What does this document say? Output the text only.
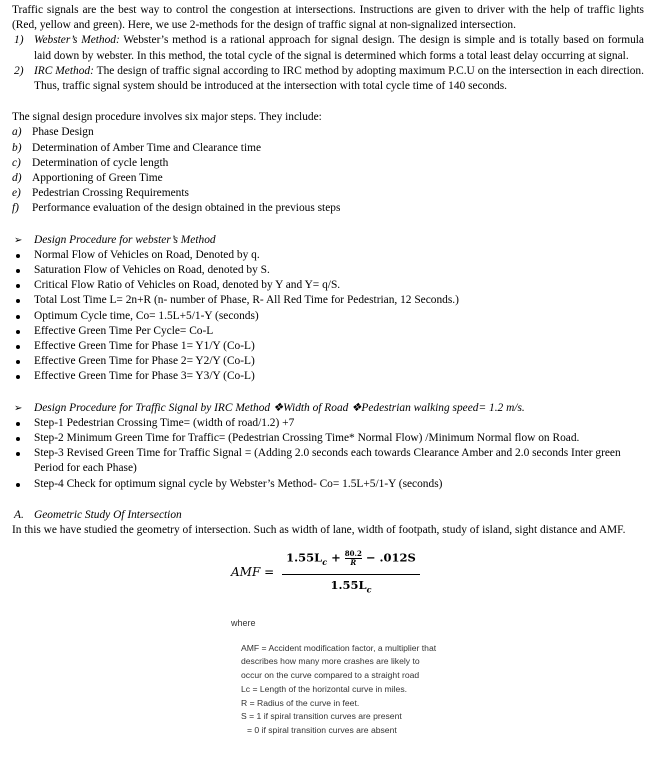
Traffic signals are the best way to control the congestion at intersections. Instructions are given to driver with the help of traffic lights (Red, yellow and green). Here, we use 2-methods for the design of traffic signal at non-signalized intersection.

1) Webster’s Method: Webster’s method is a rational approach for signal design. The design is simple and is totally based on formula laid down by webster. In this method, the total cycle of the signal is determined which forms a total least delay occurring at signal.
2) IRC Method: The design of traffic signal according to IRC method by adopting maximum P.C.U on the intersection in each direction. Thus, traffic signal system should be introduced at the intersection with total cycle time of 140 seconds.

The signal design procedure involves six major steps. They include:

a) Phase Design
b) Determination of Amber Time and Clearance time
c) Determination of cycle length
d) Apportioning of Green Time
e) Pedestrian Crossing Requirements
f) Performance evaluation of the design obtained in the previous steps
➢ Design Procedure for webster’s Method
Normal Flow of Vehicles on Road, Denoted by q.
Saturation Flow of Vehicles on Road, denoted by S.
Critical Flow Ratio of Vehicles on Road, denoted by Y and Y= q/S.
Total Lost Time L= 2n+R (n- number of Phase, R- All Red Time for Pedestrian, 12 Seconds.)
Optimum Cycle time, Co= 1.5L+5/1-Y (seconds)
Effective Green Time Per Cycle= Co-L
Effective Green Time for Phase 1= Y1/Y (Co-L)
Effective Green Time for Phase 2= Y2/Y (Co-L)
Effective Green Time for Phase 3= Y3/Y (Co-L)
➢ Design Procedure for Traffic Signal by IRC Method ❖Width of Road ❖Pedestrian walking speed= 1.2 m/s.
Step-1 Pedestrian Crossing Time= (width of road/1.2) +7
Step-2 Minimum Green Time for Traffic= (Pedestrian Crossing Time* Normal Flow) /Minimum Normal flow on Road.
Step-3 Revised Green Time for Traffic Signal = (Adding 2.0 seconds each towards Clearance Amber and 2.0 seconds Inter green Period for each Phase)
Step-4 Check for optimum signal cycle by Webster’s Method- Co= 1.5L+5/1-Y (seconds)
A. Geometric Study Of Intersection

In this we have studied the geometry of intersection. Such as width of lane, width of footpath, study of island, sight distance and AMF.

AMF =
$1.55L_c + \frac{80.2}{R} - .012S$
$1.55L_c$
where
AMF = Accident modification factor, a multiplier that describes how many more crashes are likely to occur on the curve compared to a straight road
Lc = Length of the horizontal curve in miles.
R = Radius of the curve in feet.
S = 1 if spiral transition curves are present
= 0 if spiral transition curves are absent
